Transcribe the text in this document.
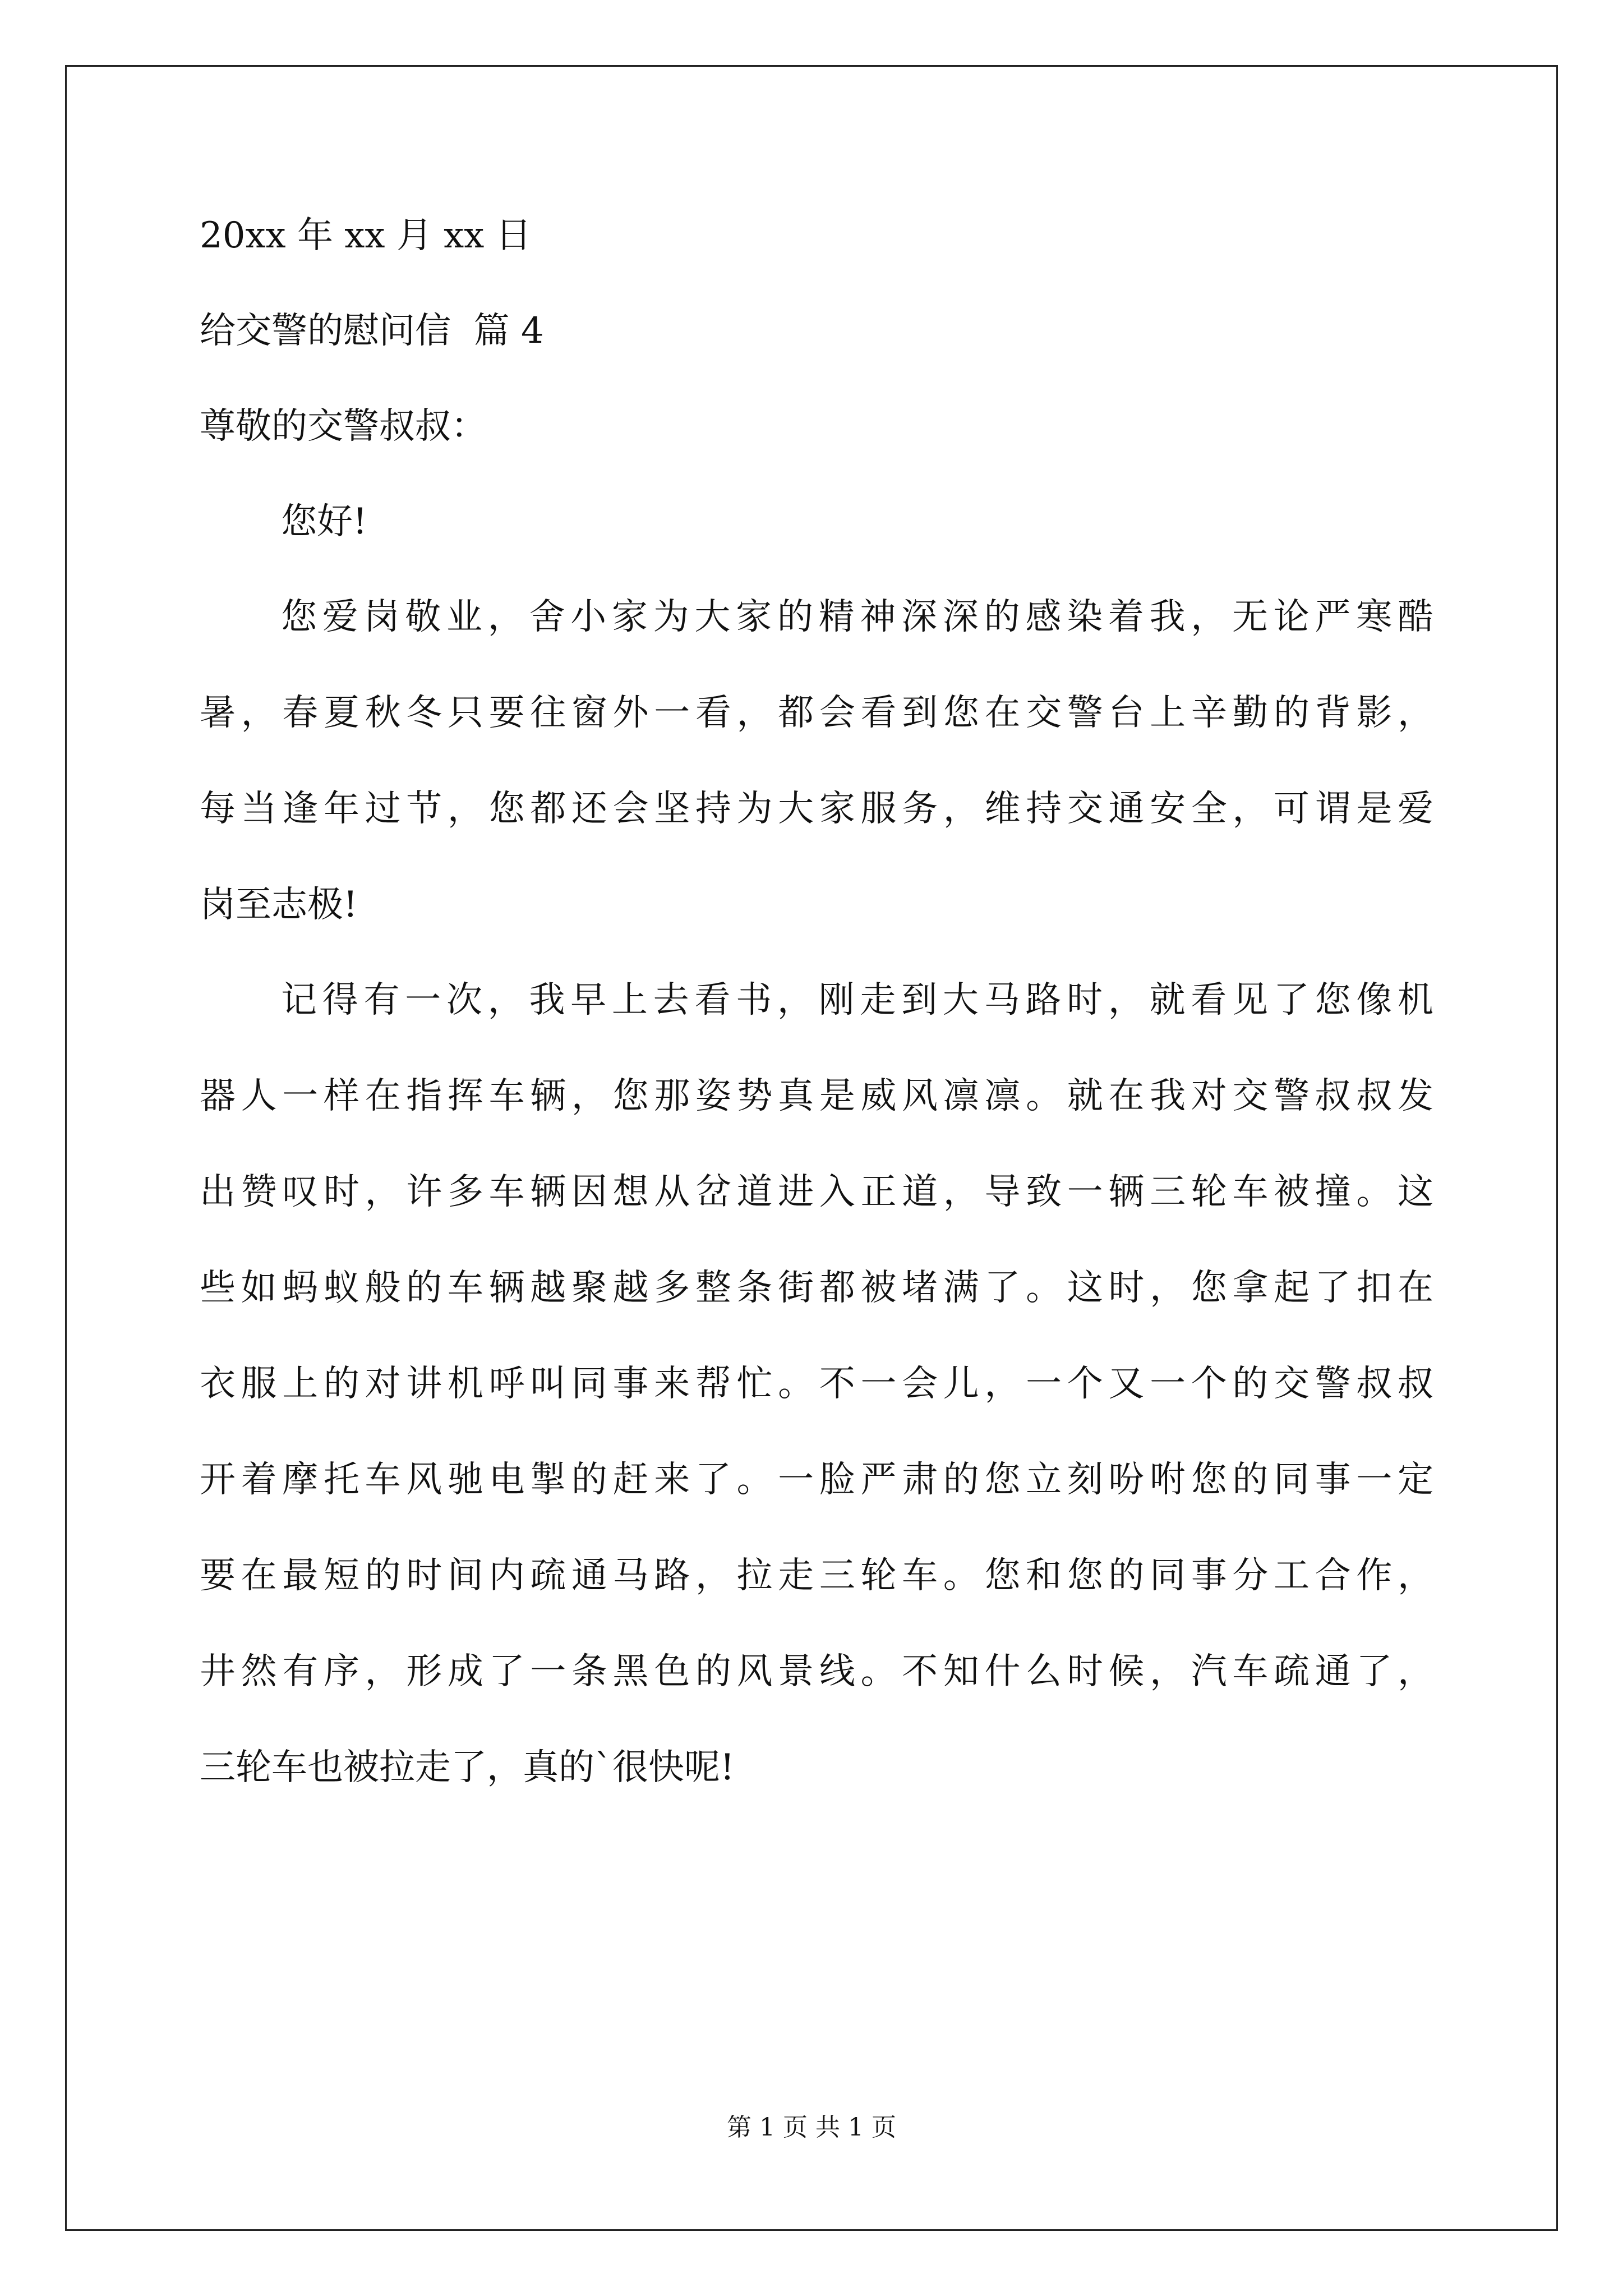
20xx 年 xx 月 xx 日

给交警的慰问信  篇 4

尊敬的交警叔叔：

您好!

您爱岗敬业，舍小家为大家的精神深深的感染着我，无论严寒酷
暑，春夏秋冬只要往窗外一看，都会看到您在交警台上辛勤的背影，
每当逢年过节，您都还会坚持为大家服务，维持交通安全，可谓是爱
岗至志极!
记得有一次，我早上去看书，刚走到大马路时，就看见了您像机
器人一样在指挥车辆，您那姿势真是威风凛凛。就在我对交警叔叔发
出赞叹时，许多车辆因想从岔道进入正道，导致一辆三轮车被撞。这
些如蚂蚁般的车辆越聚越多整条街都被堵满了。这时，您拿起了扣在
衣服上的对讲机呼叫同事来帮忙。不一会儿，一个又一个的交警叔叔
开着摩托车风驰电掣的赶来了。一脸严肃的您立刻吩咐您的同事一定
要在最短的时间内疏通马路，拉走三轮车。您和您的同事分工合作，
井然有序，形成了一条黑色的风景线。不知什么时候，汽车疏通了，
三轮车也被拉走了，真的`很快呢!
第 1 页 共 1 页
